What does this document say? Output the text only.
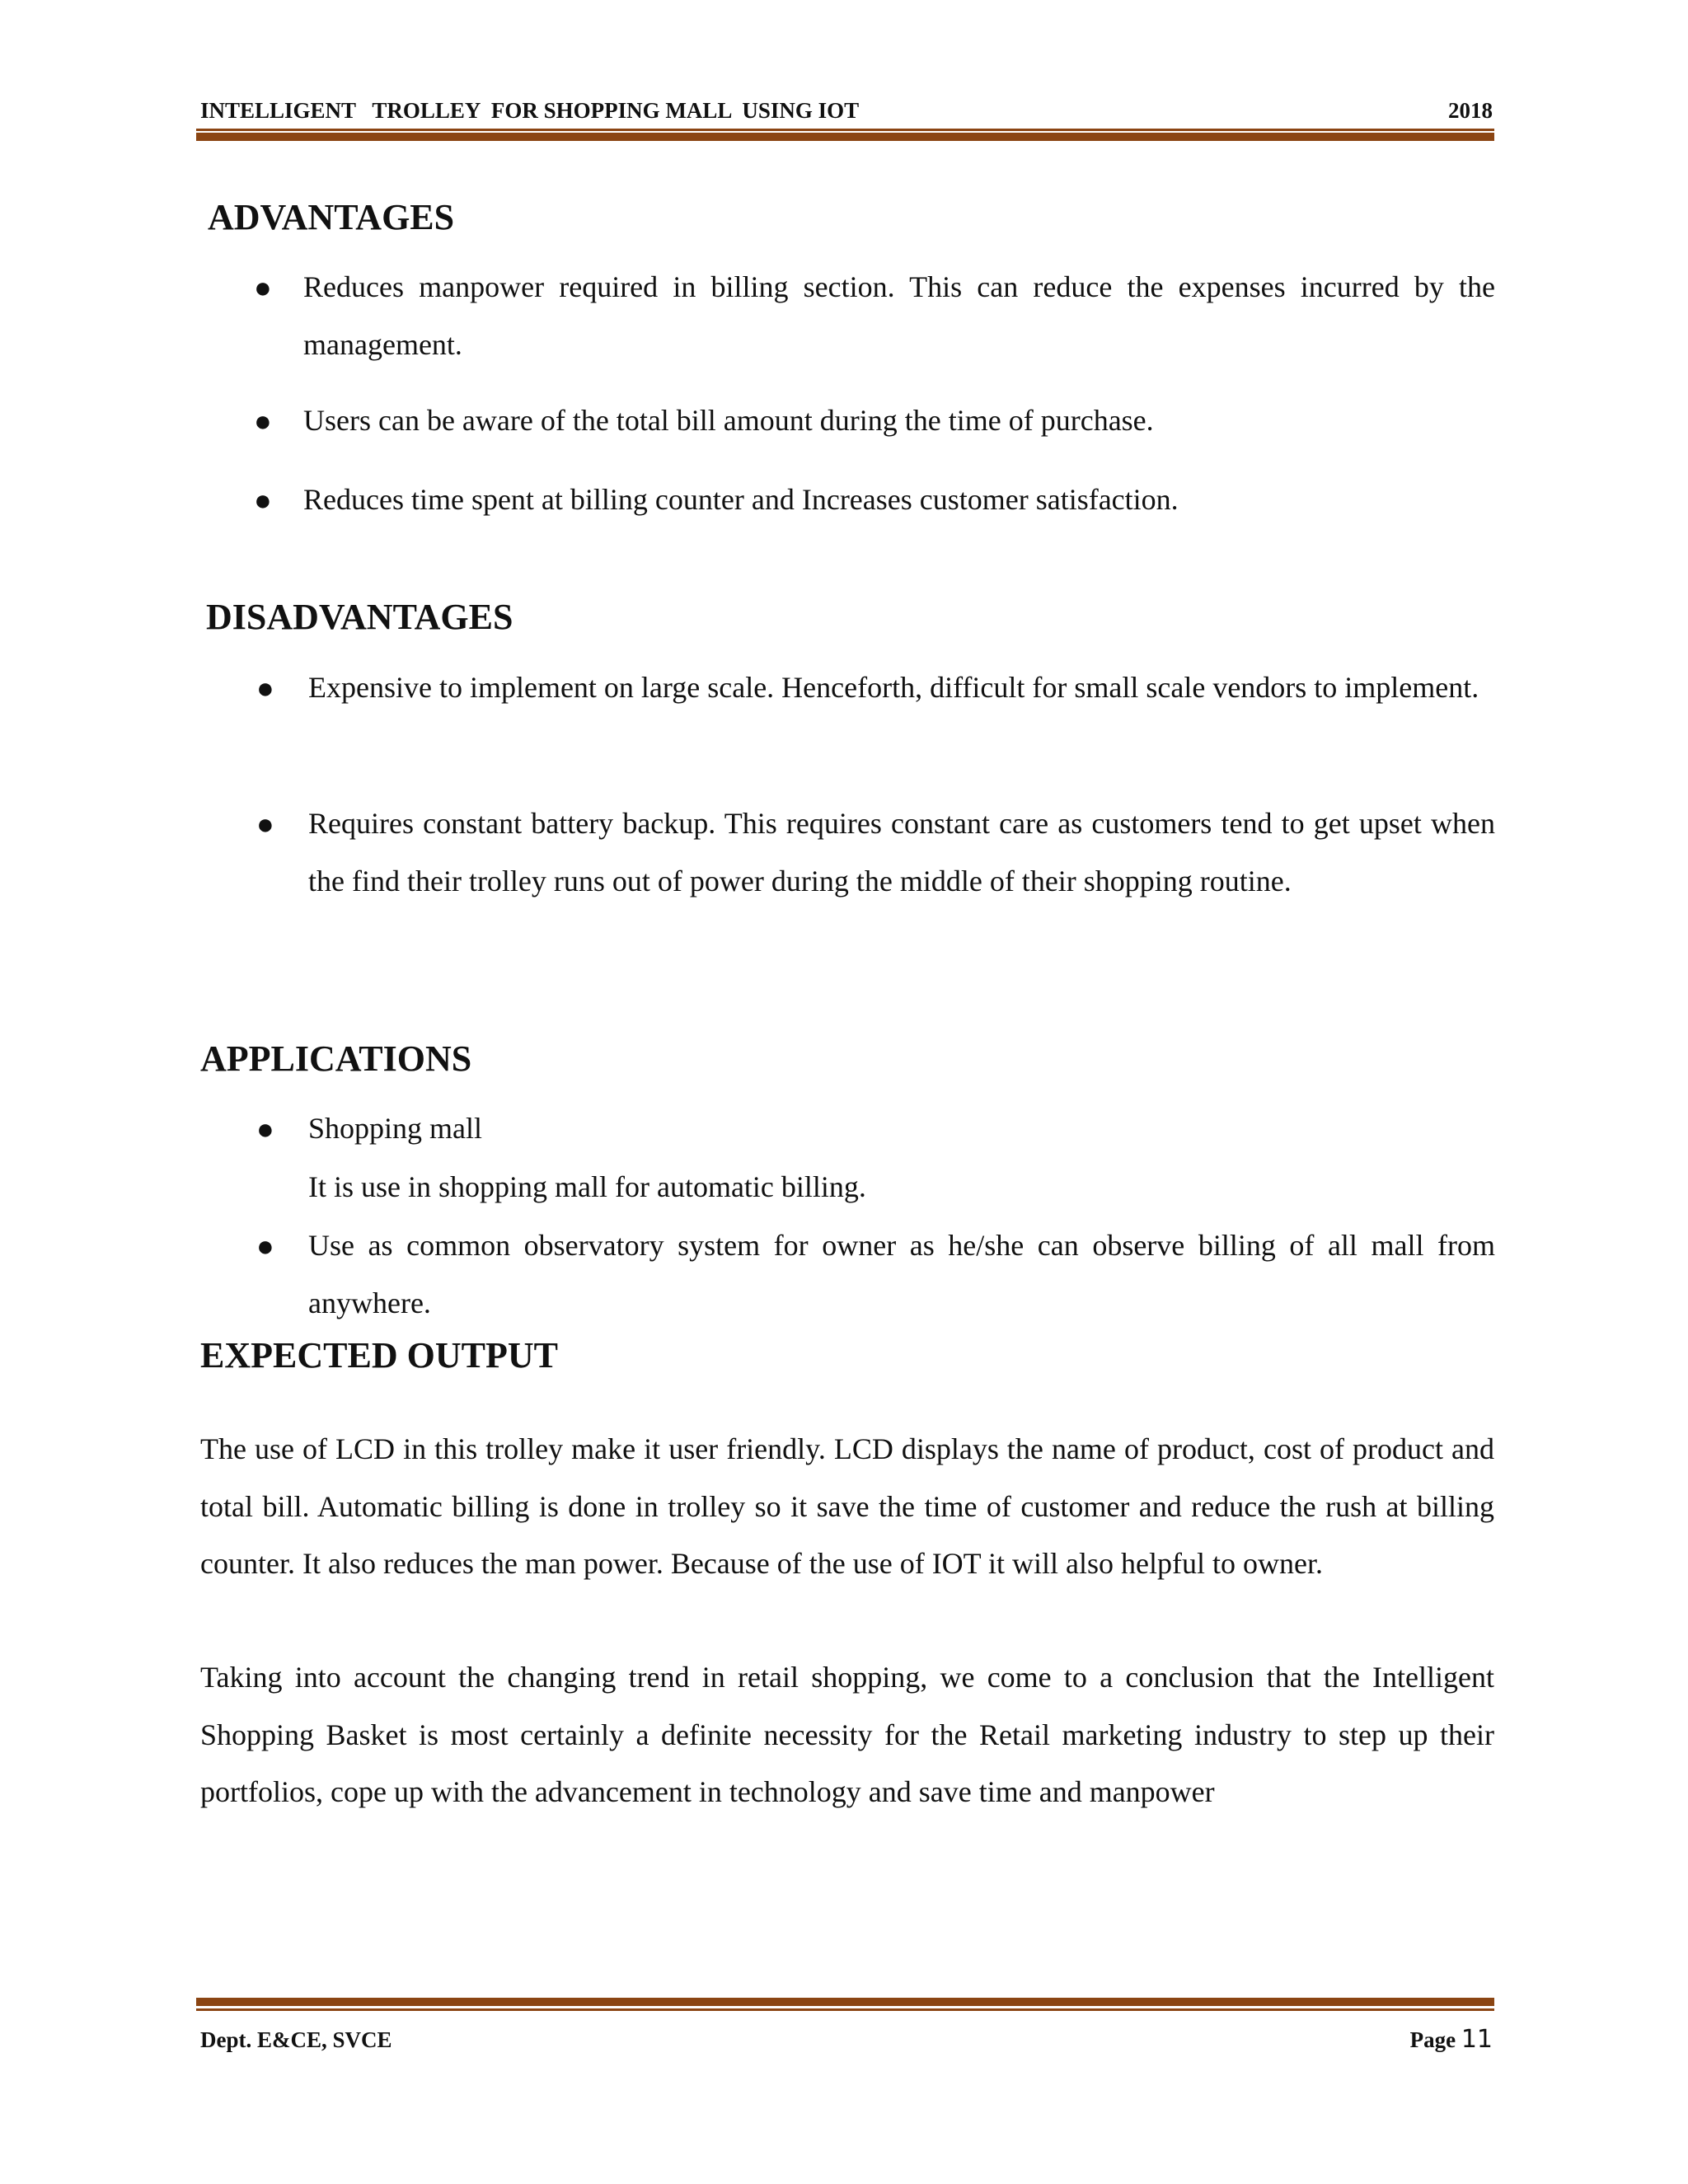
INTELLIGENT   TROLLEY  FOR SHOPPING MALL  USING IOT	2018
ADVANTAGES
● Reduces manpower required in billing section. This can reduce the expenses incurred by the management.

● Users can be aware of the total bill amount during the time of purchase.

● Reduces time spent at billing counter and Increases customer satisfaction.

DISADVANTAGES
● Expensive to implement on large scale. Henceforth, difficult for small scale vendors to implement.

● Requires constant battery backup. This requires constant care as customers tend to get upset when the find their trolley runs out of power during the middle of their shopping routine.

APPLICATIONS
● Shopping mall

It is use in shopping mall for automatic billing.

● Use as common observatory system for owner as he/she can observe billing of all mall from anywhere.

EXPECTED OUTPUT

The use of LCD in this trolley make it user friendly. LCD displays the name of product, cost of product and total bill. Automatic billing is done in trolley so it save the time of customer and reduce the rush at billing counter. It also reduces the man power. Because of the use of IOT it will also helpful to owner.

Taking into account the changing trend in retail shopping, we come to a conclusion that the Intelligent Shopping Basket is most certainly a definite necessity for the Retail marketing industry to step up their portfolios, cope up with the advancement in technology and save time and manpower

Dept. E&CE, SVCE	Page 11
